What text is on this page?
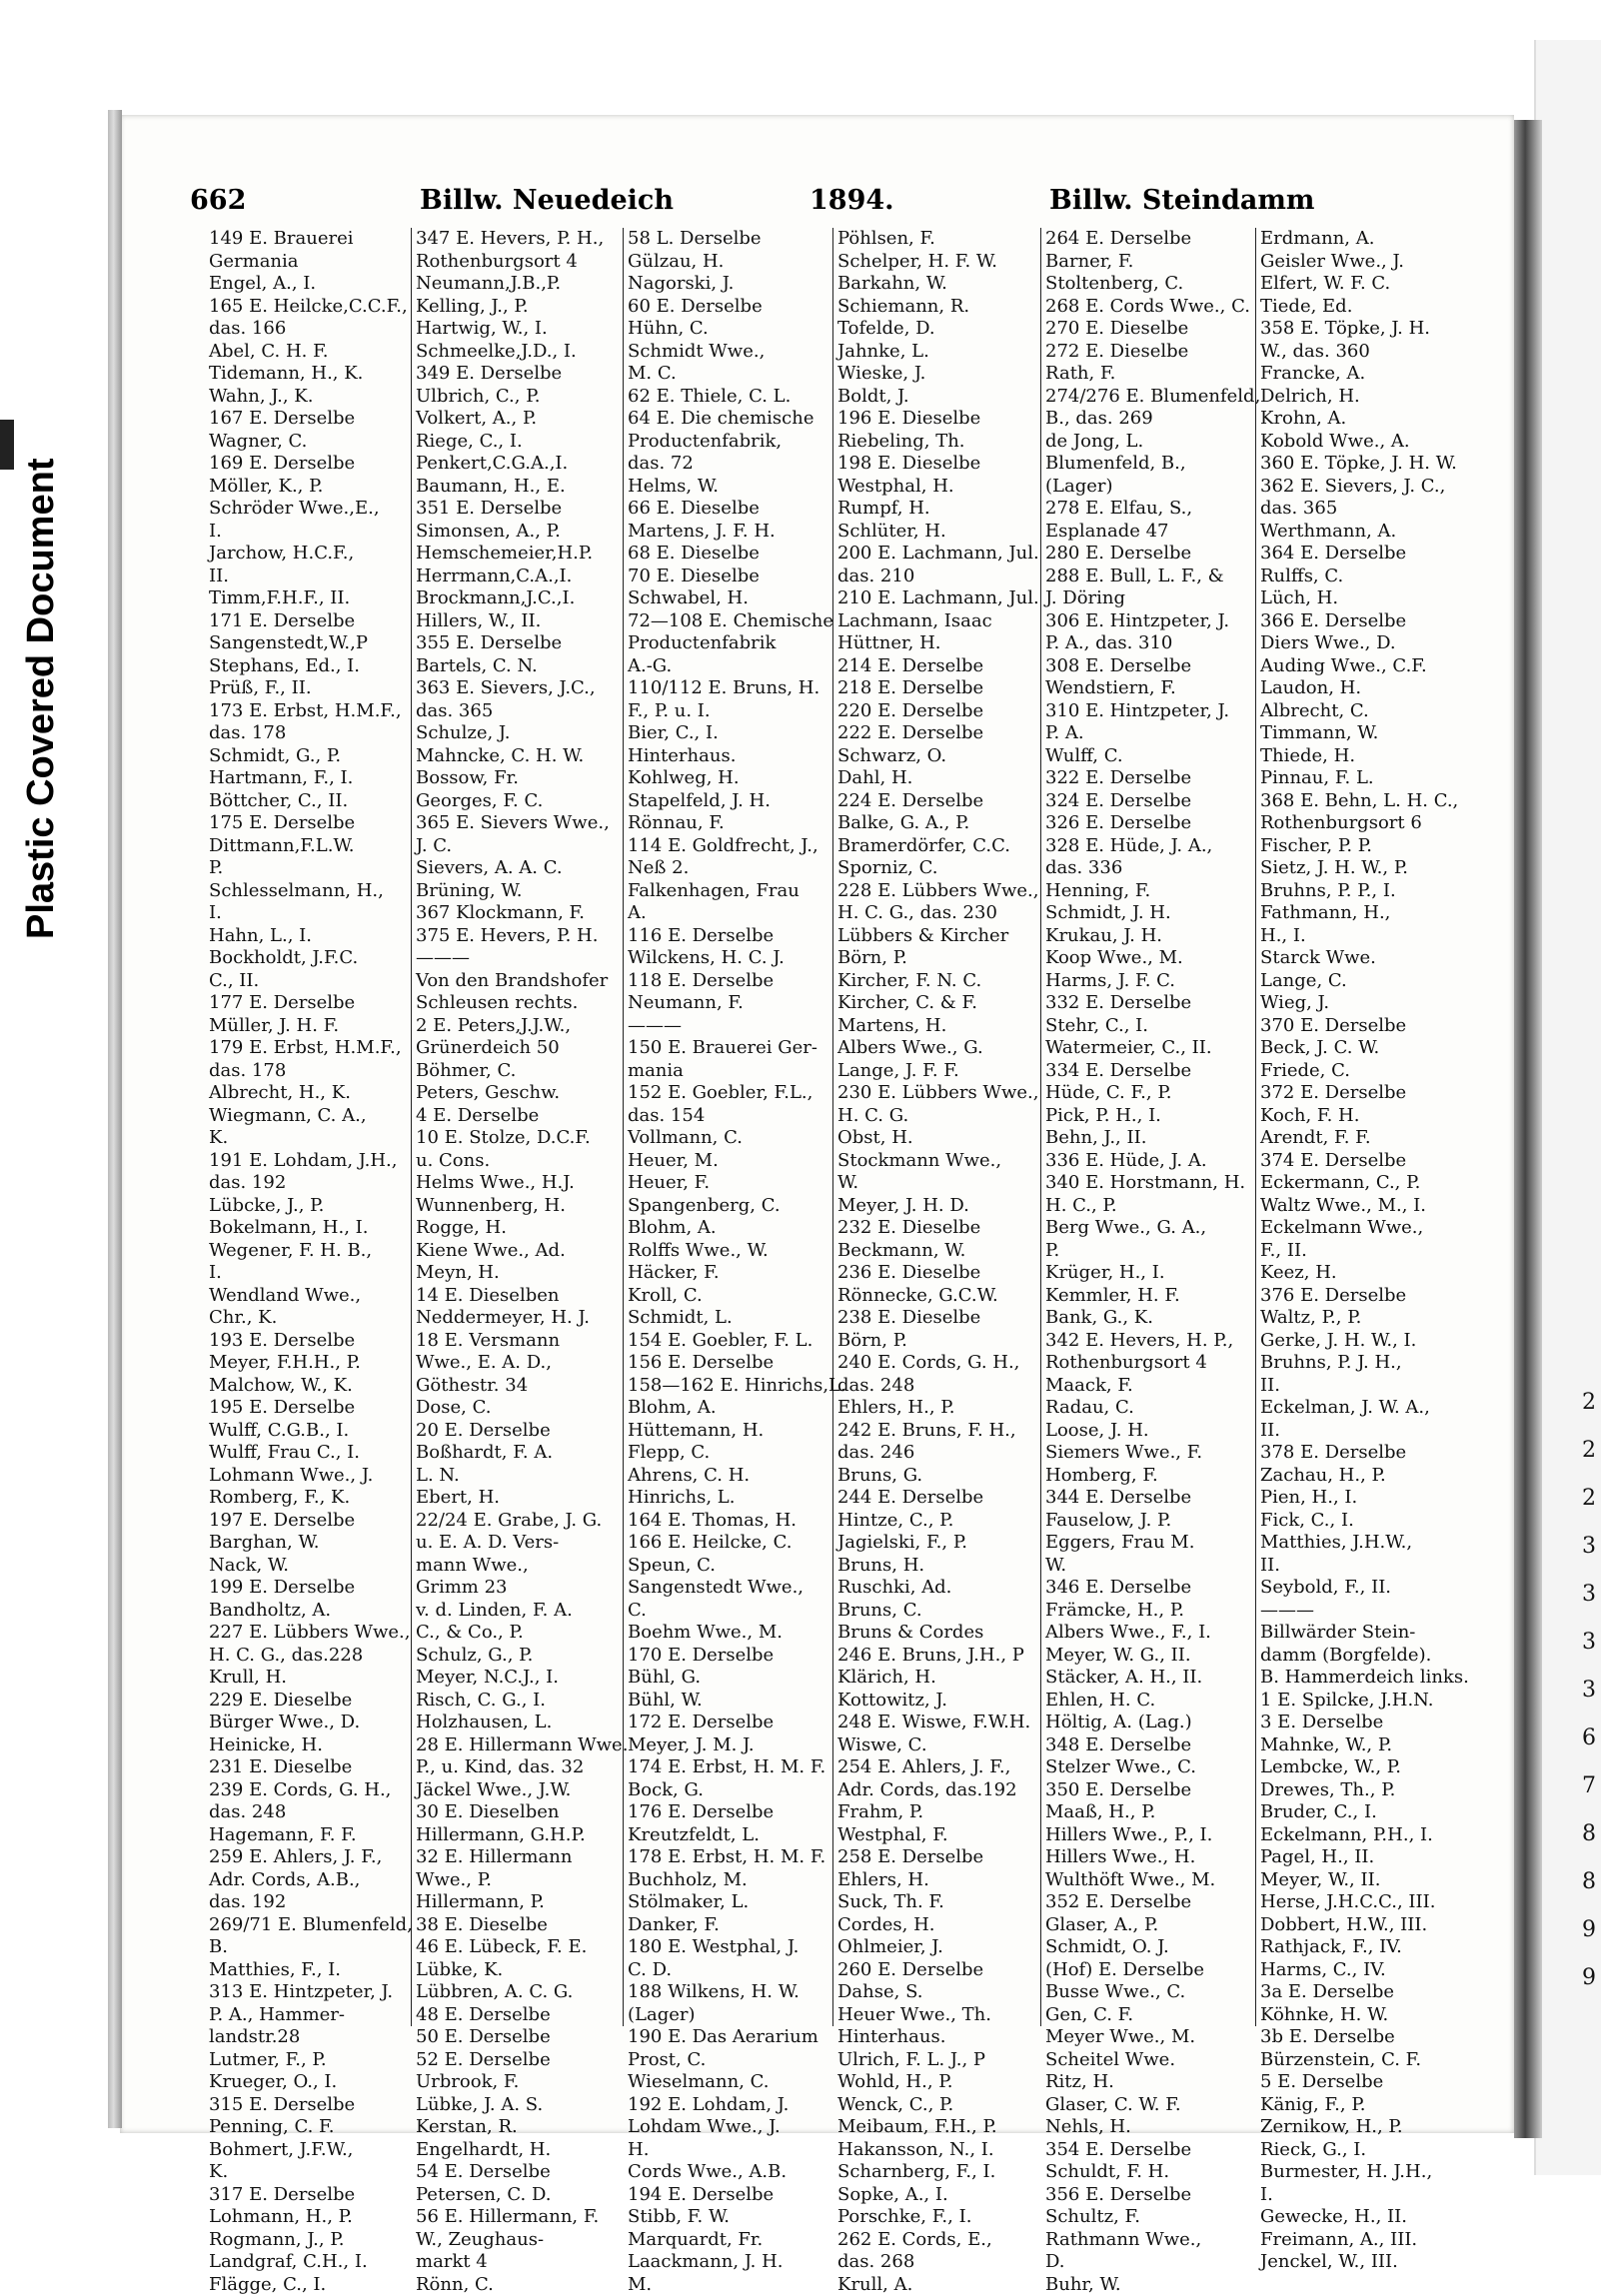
Plastic Covered Document
2
2
2
3
3
3
3
6
7
8
8
9
9
662	Billw. Neuedeich	1894.	Billw. Steindamm
149 E. Brauerei
Germania
Engel, A., I.
165 E. Heilcke,C.C.F.,
das. 166
Abel, C. H. F.
Tidemann, H., K.
Wahn, J., K.
167 E. Derselbe
Wagner, C.
169 E. Derselbe
Möller, K., P.
Schröder Wwe.,E.,
I.
Jarchow, H.C.F.,
II.
Timm,F.H.F., II.
171 E. Derselbe
Sangenstedt,W.,P
Stephans, Ed., I.
Prüß, F., II.
173 E. Erbst, H.M.F.,
das. 178
Schmidt, G., P.
Hartmann, F., I.
Böttcher, C., II.
175 E. Derselbe
Dittmann,F.L.W.
P.
Schlesselmann, H.,
I.
Hahn, L., I.
Bockholdt, J.F.C.
C., II.
177 E. Derselbe
Müller, J. H. F.
179 E. Erbst, H.M.F.,
das. 178
Albrecht, H., K.
Wiegmann, C. A.,
K.
191 E. Lohdam, J.H.,
das. 192
Lübcke, J., P.
Bokelmann, H., I.
Wegener, F. H. B.,
I.
Wendland Wwe.,
Chr., K.
193 E. Derselbe
Meyer, F.H.H., P.
Malchow, W., K.
195 E. Derselbe
Wulff, C.G.B., I.
Wulff, Frau C., I.
Lohmann Wwe., J.
Romberg, F., K.
197 E. Derselbe
Barghan, W.
Nack, W.
199 E. Derselbe
Bandholtz, A.
227 E. Lübbers Wwe.,
H. C. G., das.228
Krull, H.
229 E. Dieselbe
Bürger Wwe., D.
Heinicke, H.
231 E. Dieselbe
239 E. Cords, G. H.,
das. 248
Hagemann, F. F.
259 E. Ahlers, J. F.,
Adr. Cords, A.B.,
das. 192
269/71 E. Blumenfeld,
B.
Matthies, F., I.
313 E. Hintzpeter, J.
P. A., Hammer-
landstr.28
Lutmer, F., P.
Krueger, O., I.
315 E. Derselbe
Penning, C. F.
Bohmert, J.F.W.,
K.
317 E. Derselbe
Lohmann, H., P.
Rogmann, J., P.
Landgraf, C.H., I.
Flägge, C., I.
347 E. Hevers, P. H.,
Rothenburgsort 4
Neumann,J.B.,P.
Kelling, J., P.
Hartwig, W., I.
Schmeelke,J.D., I.
349 E. Derselbe
Ulbrich, C., P.
Volkert, A., P.
Riege, C., I.
Penkert,C.G.A.,I.
Baumann, H., E.
351 E. Derselbe
Simonsen, A., P.
Hemschemeier,H.P.
Herrmann,C.A.,I.
Brockmann,J.C.,I.
Hillers, W., II.
355 E. Derselbe
Bartels, C. N.
363 E. Sievers, J.C.,
das. 365
Schulze, J.
Mahncke, C. H. W.
Bossow, Fr.
Georges, F. C.
365 E. Sievers Wwe.,
J. C.
Sievers, A. A. C.
Brüning, W.
367 Klockmann, F.
375 E. Hevers, P. H.
———
Von den Brandshofer
Schleusen rechts.
2 E. Peters,J.J.W.,
Grünerdeich 50
Böhmer, C.
Peters, Geschw.
4 E. Derselbe
10 E. Stolze, D.C.F.
u. Cons.
Helms Wwe., H.J.
Wunnenberg, H.
Rogge, H.
Kiene Wwe., Ad.
Meyn, H.
14 E. Dieselben
Neddermeyer, H. J.
18 E. Versmann
Wwe., E. A. D.,
Göthestr. 34
Dose, C.
20 E. Derselbe
Boßhardt, F. A.
L. N.
Ebert, H.
22/24 E. Grabe, J. G.
u. E. A. D. Vers-
mann Wwe.,
Grimm 23
v. d. Linden, F. A.
C., & Co., P.
Schulz, G., P.
Meyer, N.C.J., I.
Risch, C. G., I.
Holzhausen, L.
28 E. Hillermann Wwe.
P., u. Kind, das. 32
Jäckel Wwe., J.W.
30 E. Dieselben
Hillermann, G.H.P.
32 E. Hillermann
Wwe., P.
Hillermann, P.
38 E. Dieselbe
46 E. Lübeck, F. E.
Lübke, K.
Lübbren, A. C. G.
48 E. Derselbe
50 E. Derselbe
52 E. Derselbe
Urbrook, F.
Lübke, J. A. S.
Kerstan, R.
Engelhardt, H.
54 E. Derselbe
Petersen, C. D.
56 E. Hillermann, F.
W., Zeughaus-
markt 4
Rönn, C.
58 L. Derselbe
Gülzau, H.
Nagorski, J.
60 E. Derselbe
Hühn, C.
Schmidt Wwe.,
M. C.
62 E. Thiele, C. L.
64 E. Die chemische
Productenfabrik,
das. 72
Helms, W.
66 E. Dieselbe
Martens, J. F. H.
68 E. Dieselbe
70 E. Dieselbe
Schwabel, H.
72—108 E. Chemische
Productenfabrik
A.-G.
110/112 E. Bruns, H.
F., P. u. I.
Bier, C., I.
Hinterhaus.
Kohlweg, H.
Stapelfeld, J. H.
Rönnau, F.
114 E. Goldfrecht, J.,
Neß 2.
Falkenhagen, Frau
A.
116 E. Derselbe
Wilckens, H. C. J.
118 E. Derselbe
Neumann, F.
———
150 E. Brauerei Ger-
mania
152 E. Goebler, F.L.,
das. 154
Vollmann, C.
Heuer, M.
Heuer, F.
Spangenberg, C.
Blohm, A.
Rolffs Wwe., W.
Häcker, F.
Kroll, C.
Schmidt, L.
154 E. Goebler, F. L.
156 E. Derselbe
158—162 E. Hinrichs,L.
Blohm, A.
Hüttemann, H.
Flepp, C.
Ahrens, C. H.
Hinrichs, L.
164 E. Thomas, H.
166 E. Heilcke, C.
Speun, C.
Sangenstedt Wwe.,
C.
Boehm Wwe., M.
170 E. Derselbe
Bühl, G.
Bühl, W.
172 E. Derselbe
Meyer, J. M. J.
174 E. Erbst, H. M. F.
Bock, G.
176 E. Derselbe
Kreutzfeldt, L.
178 E. Erbst, H. M. F.
Buchholz, M.
Stölmaker, L.
Danker, F.
180 E. Westphal, J.
C. D.
188 Wilkens, H. W.
(Lager)
190 E. Das Aerarium
Prost, C.
Wieselmann, C.
192 E. Lohdam, J.
Lohdam Wwe., J.
H.
Cords Wwe., A.B.
194 E. Derselbe
Stibb, F. W.
Marquardt, Fr.
Laackmann, J. H.
M.
Pöhlsen, F.
Schelper, H. F. W.
Barkahn, W.
Schiemann, R.
Tofelde, D.
Jahnke, L.
Wieske, J.
Boldt, J.
196 E. Dieselbe
Riebeling, Th.
198 E. Dieselbe
Westphal, H.
Rumpf, H.
Schlüter, H.
200 E. Lachmann, Jul.
das. 210
210 E. Lachmann, Jul.
Lachmann, Isaac
Hüttner, H.
214 E. Derselbe
218 E. Derselbe
220 E. Derselbe
222 E. Derselbe
Schwarz, O.
Dahl, H.
224 E. Derselbe
Balke, G. A., P.
Bramerdörfer, C.C.
Sporniz, C.
228 E. Lübbers Wwe.,
H. C. G., das. 230
Lübbers & Kircher
Börn, P.
Kircher, F. N. C.
Kircher, C. & F.
Martens, H.
Albers Wwe., G.
Lange, J. F. F.
230 E. Lübbers Wwe.,
H. C. G.
Obst, H.
Stockmann Wwe.,
W.
Meyer, J. H. D.
232 E. Dieselbe
Beckmann, W.
236 E. Dieselbe
Rönnecke, G.C.W.
238 E. Dieselbe
Börn, P.
240 E. Cords, G. H.,
das. 248
Ehlers, H., P.
242 E. Bruns, F. H.,
das. 246
Bruns, G.
244 E. Derselbe
Hintze, C., P.
Jagielski, F., P.
Bruns, H.
Ruschki, Ad.
Bruns, C.
Bruns & Cordes
246 E. Bruns, J.H., P
Klärich, H.
Kottowitz, J.
248 E. Wiswe, F.W.H.
Wiswe, C.
254 E. Ahlers, J. F.,
Adr. Cords, das.192
Frahm, P.
Westphal, F.
258 E. Derselbe
Ehlers, H.
Suck, Th. F.
Cordes, H.
Ohlmeier, J.
260 E. Derselbe
Dahse, S.
Heuer Wwe., Th.
Hinterhaus.
Ulrich, F. L. J., P
Wohld, H., P.
Wenck, C., P.
Meibaum, F.H., P.
Hakansson, N., I.
Scharnberg, F., I.
Sopke, A., I.
Porschke, F., I.
262 E. Cords, E.,
das. 268
Krull, A.
264 E. Derselbe
Barner, F.
Stoltenberg, C.
268 E. Cords Wwe., C.
270 E. Dieselbe
272 E. Dieselbe
Rath, F.
274/276 E. Blumenfeld,
B., das. 269
de Jong, L.
Blumenfeld, B.,
(Lager)
278 E. Elfau, S.,
Esplanade 47
280 E. Derselbe
288 E. Bull, L. F., &
J. Döring
306 E. Hintzpeter, J.
P. A., das. 310
308 E. Derselbe
Wendstiern, F.
310 E. Hintzpeter, J.
P. A.
Wulff, C.
322 E. Derselbe
324 E. Derselbe
326 E. Derselbe
328 E. Hüde, J. A.,
das. 336
Henning, F.
Schmidt, J. H.
Krukau, J. H.
Koop Wwe., M.
Harms, J. F. C.
332 E. Derselbe
Stehr, C., I.
Watermeier, C., II.
334 E. Derselbe
Hüde, C. F., P.
Pick, P. H., I.
Behn, J., II.
336 E. Hüde, J. A.
340 E. Horstmann, H.
H. C., P.
Berg Wwe., G. A.,
P.
Krüger, H., I.
Kemmler, H. F.
Bank, G., K.
342 E. Hevers, H. P.,
Rothenburgsort 4
Maack, F.
Radau, C.
Loose, J. H.
Siemers Wwe., F.
Homberg, F.
344 E. Derselbe
Fauselow, J. P.
Eggers, Frau M.
W.
346 E. Derselbe
Främcke, H., P.
Albers Wwe., F., I.
Meyer, W. G., II.
Stäcker, A. H., II.
Ehlen, H. C.
Höltig, A. (Lag.)
348 E. Derselbe
Stelzer Wwe., C.
350 E. Derselbe
Maaß, H., P.
Hillers Wwe., P., I.
Hillers Wwe., H.
Wulthöft Wwe., M.
352 E. Derselbe
Glaser, A., P.
Schmidt, O. J.
(Hof) E. Derselbe
Busse Wwe., C.
Gen, C. F.
Meyer Wwe., M.
Scheitel Wwe.
Ritz, H.
Glaser, C. W. F.
Nehls, H.
354 E. Derselbe
Schuldt, F. H.
356 E. Derselbe
Schultz, F.
Rathmann Wwe.,
D.
Buhr, W.
Erdmann, A.
Geisler Wwe., J.
Elfert, W. F. C.
Tiede, Ed.
358 E. Töpke, J. H.
W., das. 360
Francke, A.
Delrich, H.
Krohn, A.
Kobold Wwe., A.
360 E. Töpke, J. H. W.
362 E. Sievers, J. C.,
das. 365
Werthmann, A.
364 E. Derselbe
Rulffs, C.
Lüch, H.
366 E. Derselbe
Diers Wwe., D.
Auding Wwe., C.F.
Laudon, H.
Albrecht, C.
Timmann, W.
Thiede, H.
Pinnau, F. L.
368 E. Behn, L. H. C.,
Rothenburgsort 6
Fischer, P. P.
Sietz, J. H. W., P.
Bruhns, P. P., I.
Fathmann, H.,
H., I.
Starck Wwe.
Lange, C.
Wieg, J.
370 E. Derselbe
Beck, J. C. W.
Friede, C.
372 E. Derselbe
Koch, F. H.
Arendt, F. F.
374 E. Derselbe
Eckermann, C., P.
Waltz Wwe., M., I.
Eckelmann Wwe.,
F., II.
Keez, H.
376 E. Derselbe
Waltz, P., P.
Gerke, J. H. W., I.
Bruhns, P. J. H.,
II.
Eckelman, J. W. A.,
II.
378 E. Derselbe
Zachau, H., P.
Pien, H., I.
Fick, C., I.
Matthies, J.H.W.,
II.
Seybold, F., II.
———
Billwärder Stein-
damm (Borgfelde).
B. Hammerdeich links.
1 E. Spilcke, J.H.N.
3 E. Derselbe
Mahnke, W., P.
Lembcke, W., P.
Drewes, Th., P.
Bruder, C., I.
Eckelmann, P.H., I.
Pagel, H., II.
Meyer, W., II.
Herse, J.H.C.C., III.
Dobbert, H.W., III.
Rathjack, F., IV.
Harms, C., IV.
3a E. Derselbe
Köhnke, H. W.
3b E. Derselbe
Bürzenstein, C. F.
5 E. Derselbe
Känig, F., P.
Zernikow, H., P.
Rieck, G., I.
Burmester, H. J.H.,
I.
Gewecke, H., II.
Freimann, A., III.
Jenckel, W., III.
